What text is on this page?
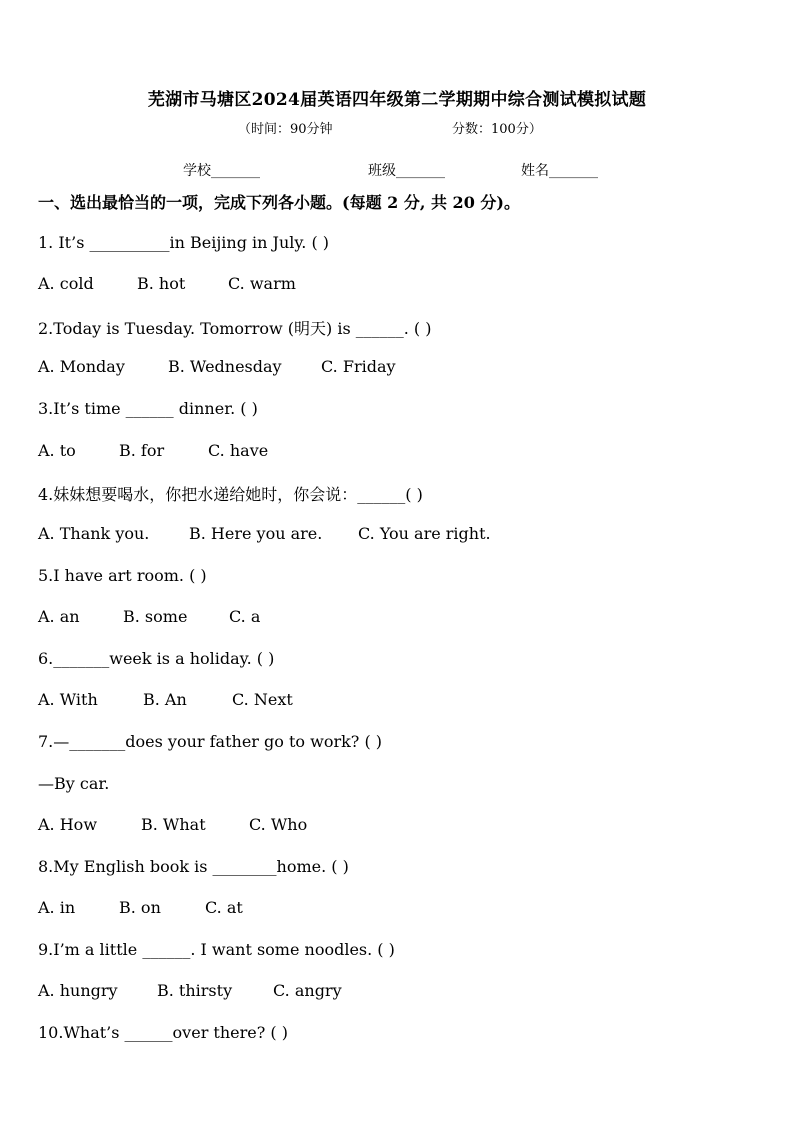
芜湖市马塘区2024届英语四年级第二学期期中综合测试模拟试题
（时间：90分钟	分数：100分）
学校_______	班级_______	姓名_______
一、选出最恰当的一项，完成下列各小题。(每题 2 分, 共 20 分)。
1. It’s __________in Beijing in July. ( )
A. cold	B. hot	C. warm
2.Today is Tuesday. Tomorrow (明天) is ______. ( )
A. Monday	B. Wednesday C. Friday
3.It’s time ______ dinner. ( )
A. to	B. for	C. have
4.妹妹想要喝水，你把水递给她时，你会说：______( )
A. Thank you. B. Here you are. C. You are right.
5.I have art room. ( )
A. an	B. some	C. a
6._______week is a holiday. ( )
A. With	B. An	C. Next
7.—_______does your father go to work? ( )
—By car.
A. How	B. What	C. Who
8.My English book is ________home. ( )
A. in	B. on	C. at
9.I’m a little ______. I want some noodles. ( )
A. hungry B. thirsty	C. angry
10.What’s ______over there? ( )
